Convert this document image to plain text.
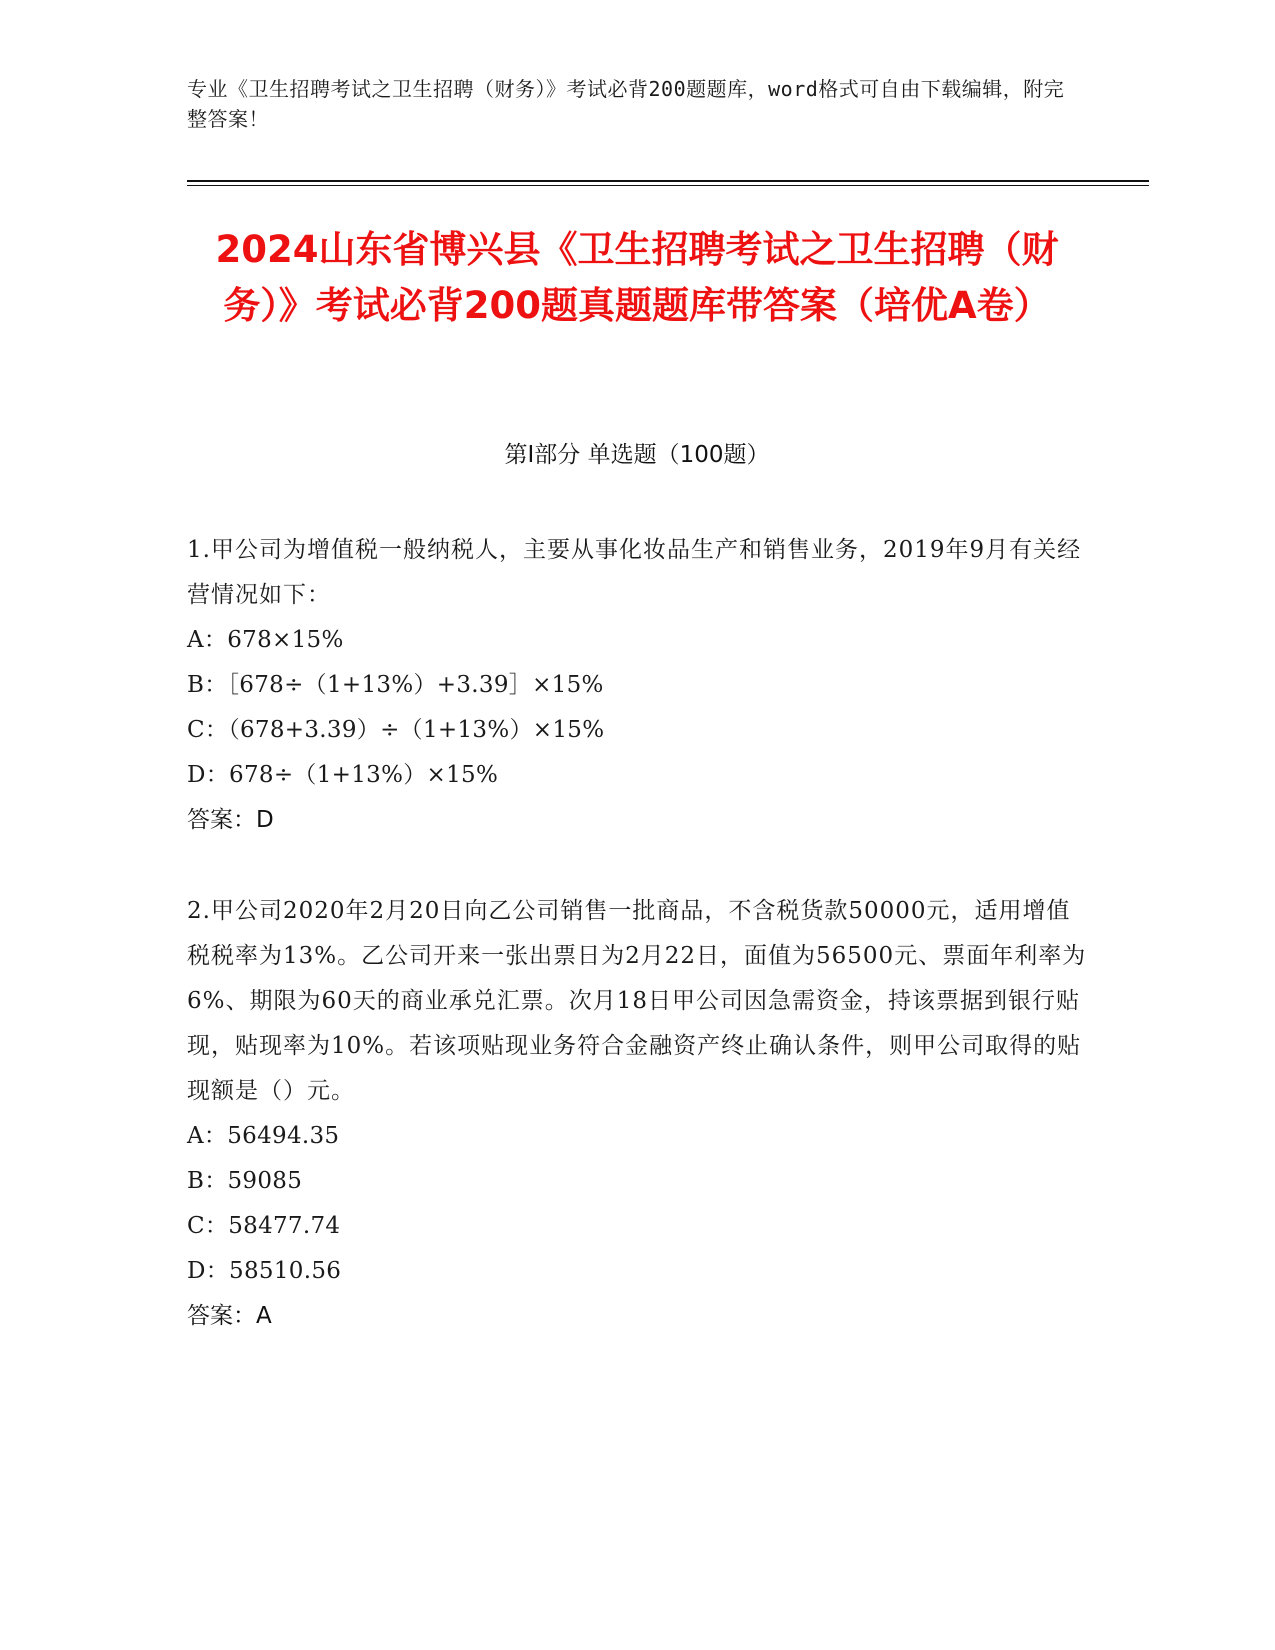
专业《卫生招聘考试之卫生招聘（财务）》考试必背200题题库，word格式可自由下载编辑，附完整答案！
2024山东省博兴县《卫生招聘考试之卫生招聘（财务）》考试必背200题真题题库带答案（培优A卷）
第Ⅰ部分 单选题（100题）
1.甲公司为增值税一般纳税人，主要从事化妆品生产和销售业务，2019年9月有关经营情况如下：
A：678×15%
B：［678÷（1+13%）+3.39］×15%
C：（678+3.39）÷（1+13%）×15%
D：678÷（1+13%）×15%
答案：D
2.甲公司2020年2月20日向乙公司销售一批商品，不含税货款50000元，适用增值税税率为13%。乙公司开来一张出票日为2月22日，面值为56500元、票面年利率为6%、期限为60天的商业承兑汇票。次月18日甲公司因急需资金，持该票据到银行贴现，贴现率为10%。若该项贴现业务符合金融资产终止确认条件，则甲公司取得的贴现额是（）元。
A：56494.35
B：59085
C：58477.74
D：58510.56
答案：A
